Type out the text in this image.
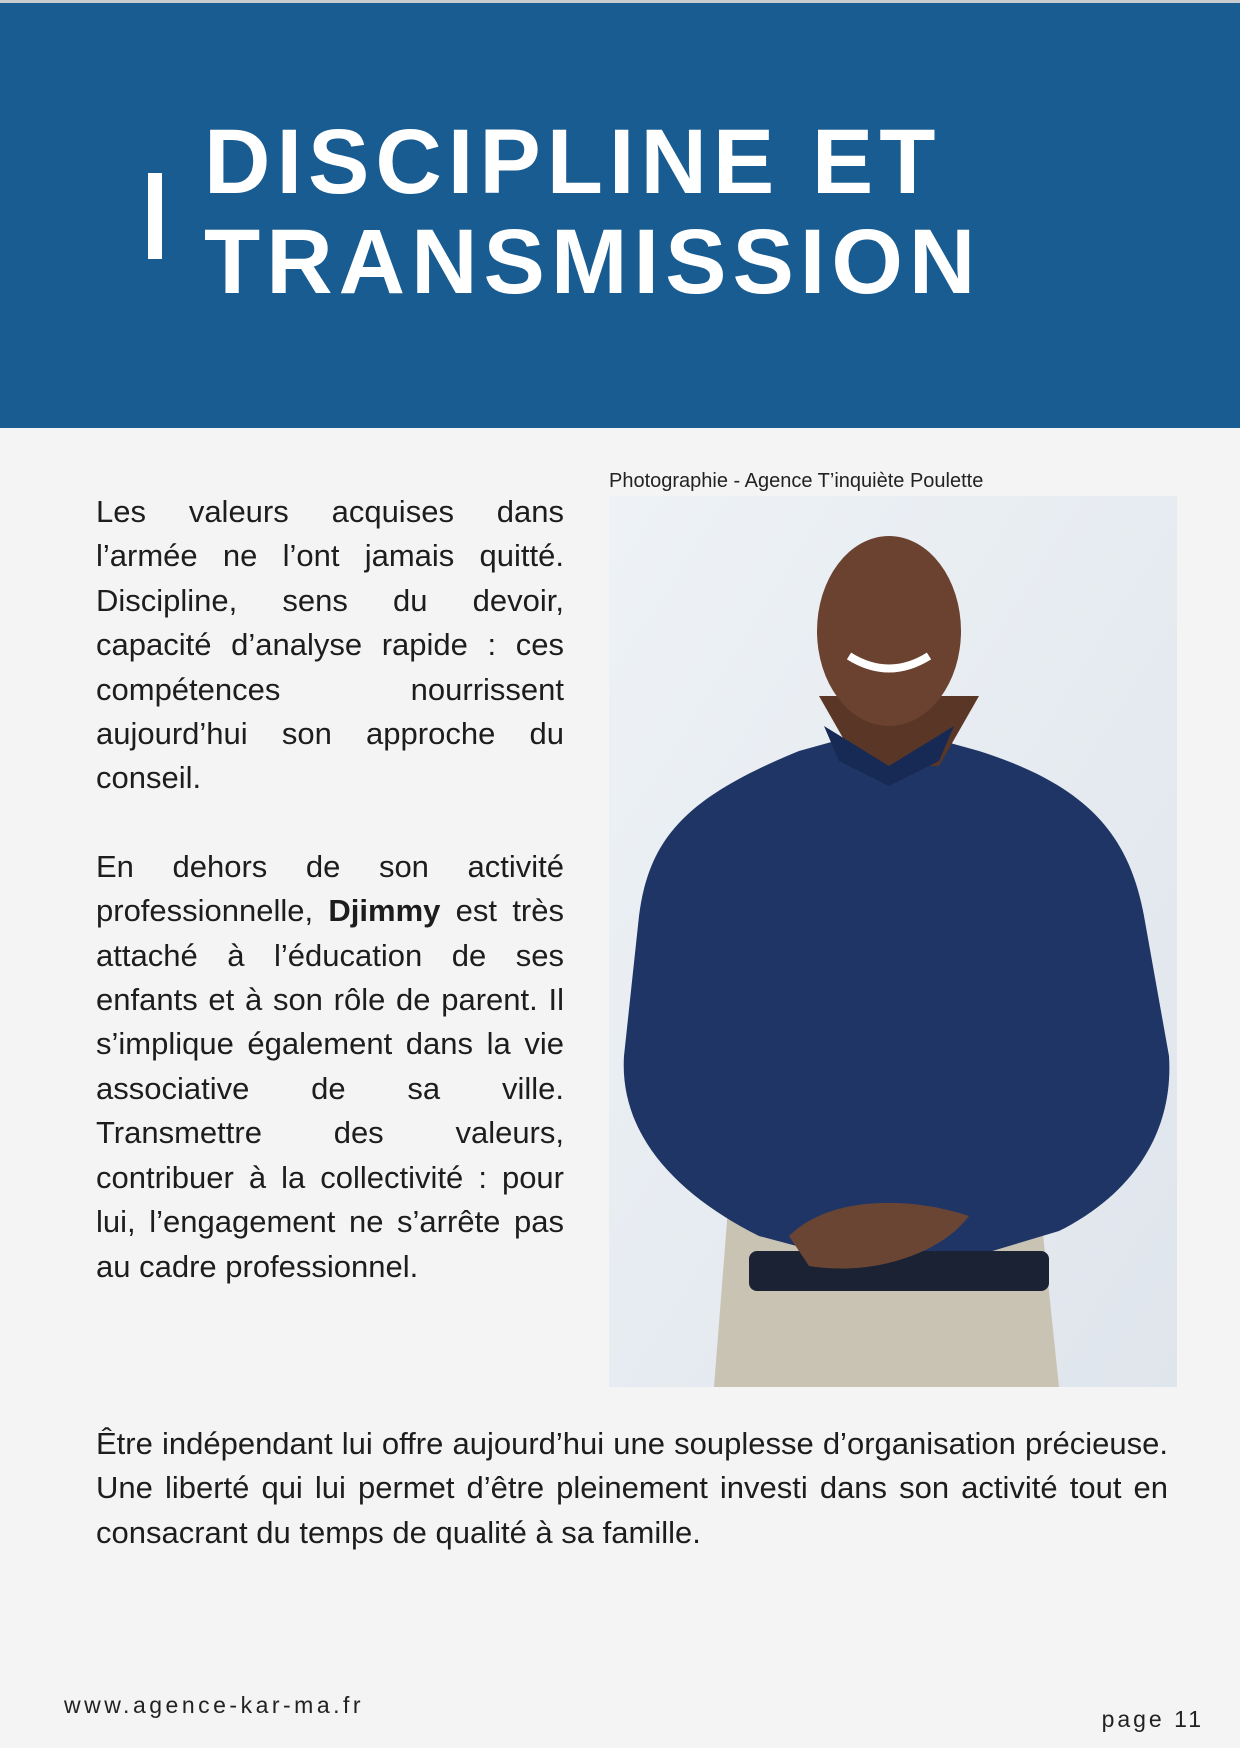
DISCIPLINE ET
TRANSMISSION

Les valeurs acquises dans l’armée ne l’ont jamais quitté. Discipline, sens du devoir, capacité d’analyse rapide : ces compétences nourrissent aujourd’hui son approche du conseil.

En dehors de son activité professionnelle, Djimmy est très attaché à l’éducation de ses enfants et à son rôle de parent. Il s’implique également dans la vie associative de sa ville. Transmettre des valeurs, contribuer à la collectivité : pour lui, l’engagement ne s’arrête pas au cadre professionnel.

Photographie - Agence T’inquiète Poulette

Être indépendant lui offre aujourd’hui une souplesse d’organisation précieuse. Une liberté qui lui permet d’être pleinement investi dans son activité tout en consacrant du temps de qualité à sa famille.

www.agence-kar-ma.fr
page 11
